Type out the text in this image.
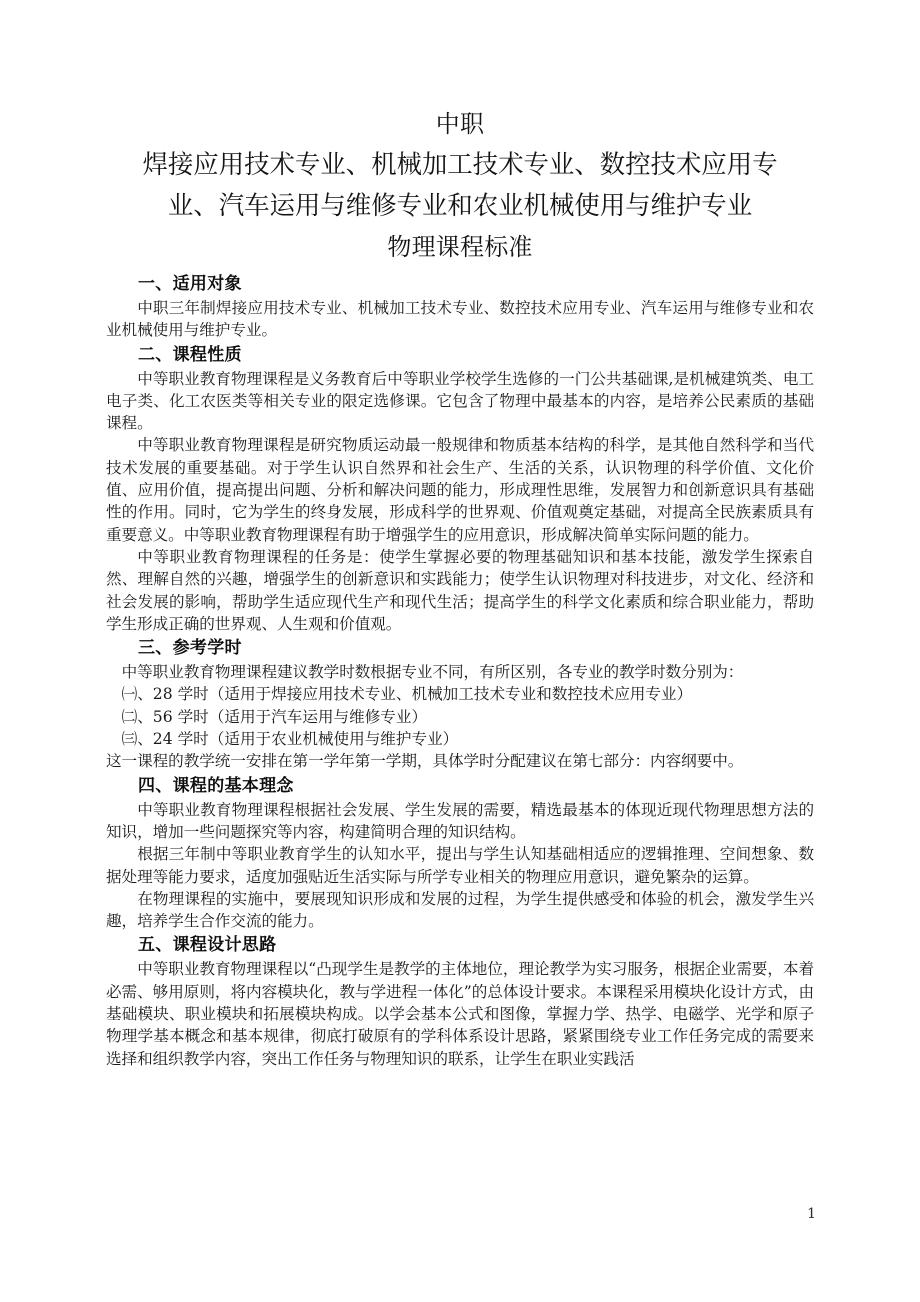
中职
焊接应用技术专业、机械加工技术专业、数控技术应用专
业、汽车运用与维修专业和农业机械使用与维护专业
物理课程标准
一、适用对象

中职三年制焊接应用技术专业、机械加工技术专业、数控技术应用专业、汽车运用与维修专业和农业机械使用与维护专业。

二、课程性质

中等职业教育物理课程是义务教育后中等职业学校学生选修的一门公共基础课,是机械建筑类、电工电子类、化工农医类等相关专业的限定选修课。它包含了物理中最基本的内容，是培养公民素质的基础课程。

中等职业教育物理课程是研究物质运动最一般规律和物质基本结构的科学，是其他自然科学和当代技术发展的重要基础。对于学生认识自然界和社会生产、生活的关系，认识物理的科学价值、文化价值、应用价值，提高提出问题、分析和解决问题的能力，形成理性思维，发展智力和创新意识具有基础性的作用。同时，它为学生的终身发展，形成科学的世界观、价值观奠定基础，对提高全民族素质具有重要意义。中等职业教育物理课程有助于增强学生的应用意识，形成解决简单实际问题的能力。

中等职业教育物理课程的任务是：使学生掌握必要的物理基础知识和基本技能，激发学生探索自然、理解自然的兴趣，增强学生的创新意识和实践能力；使学生认识物理对科技进步，对文化、经济和社会发展的影响，帮助学生适应现代生产和现代生活；提高学生的科学文化素质和综合职业能力，帮助学生形成正确的世界观、人生观和价值观。

三、参考学时

中等职业教育物理课程建议教学时数根据专业不同，有所区别，各专业的教学时数分别为：

㈠、28 学时（适用于焊接应用技术专业、机械加工技术专业和数控技术应用专业）

㈡、56 学时（适用于汽车运用与维修专业）

㈢、24 学时（适用于农业机械使用与维护专业）

这一课程的教学统一安排在第一学年第一学期，具体学时分配建议在第七部分：内容纲要中。

四、课程的基本理念

中等职业教育物理课程根据社会发展、学生发展的需要，精选最基本的体现近现代物理思想方法的知识，增加一些问题探究等内容，构建简明合理的知识结构。

根据三年制中等职业教育学生的认知水平，提出与学生认知基础相适应的逻辑推理、空间想象、数据处理等能力要求，适度加强贴近生活实际与所学专业相关的物理应用意识，避免繁杂的运算。

在物理课程的实施中，要展现知识形成和发展的过程，为学生提供感受和体验的机会，激发学生兴趣，培养学生合作交流的能力。

五、课程设计思路

中等职业教育物理课程以“凸现学生是教学的主体地位，理论教学为实习服务，根据企业需要，本着必需、够用原则，将内容模块化，教与学进程一体化”的总体设计要求。本课程采用模块化设计方式，由基础模块、职业模块和拓展模块构成。以学会基本公式和图像，掌握力学、热学、电磁学、光学和原子物理学基本概念和基本规律，彻底打破原有的学科体系设计思路，紧紧围绕专业工作任务完成的需要来选择和组织教学内容，突出工作任务与物理知识的联系，让学生在职业实践活

1
